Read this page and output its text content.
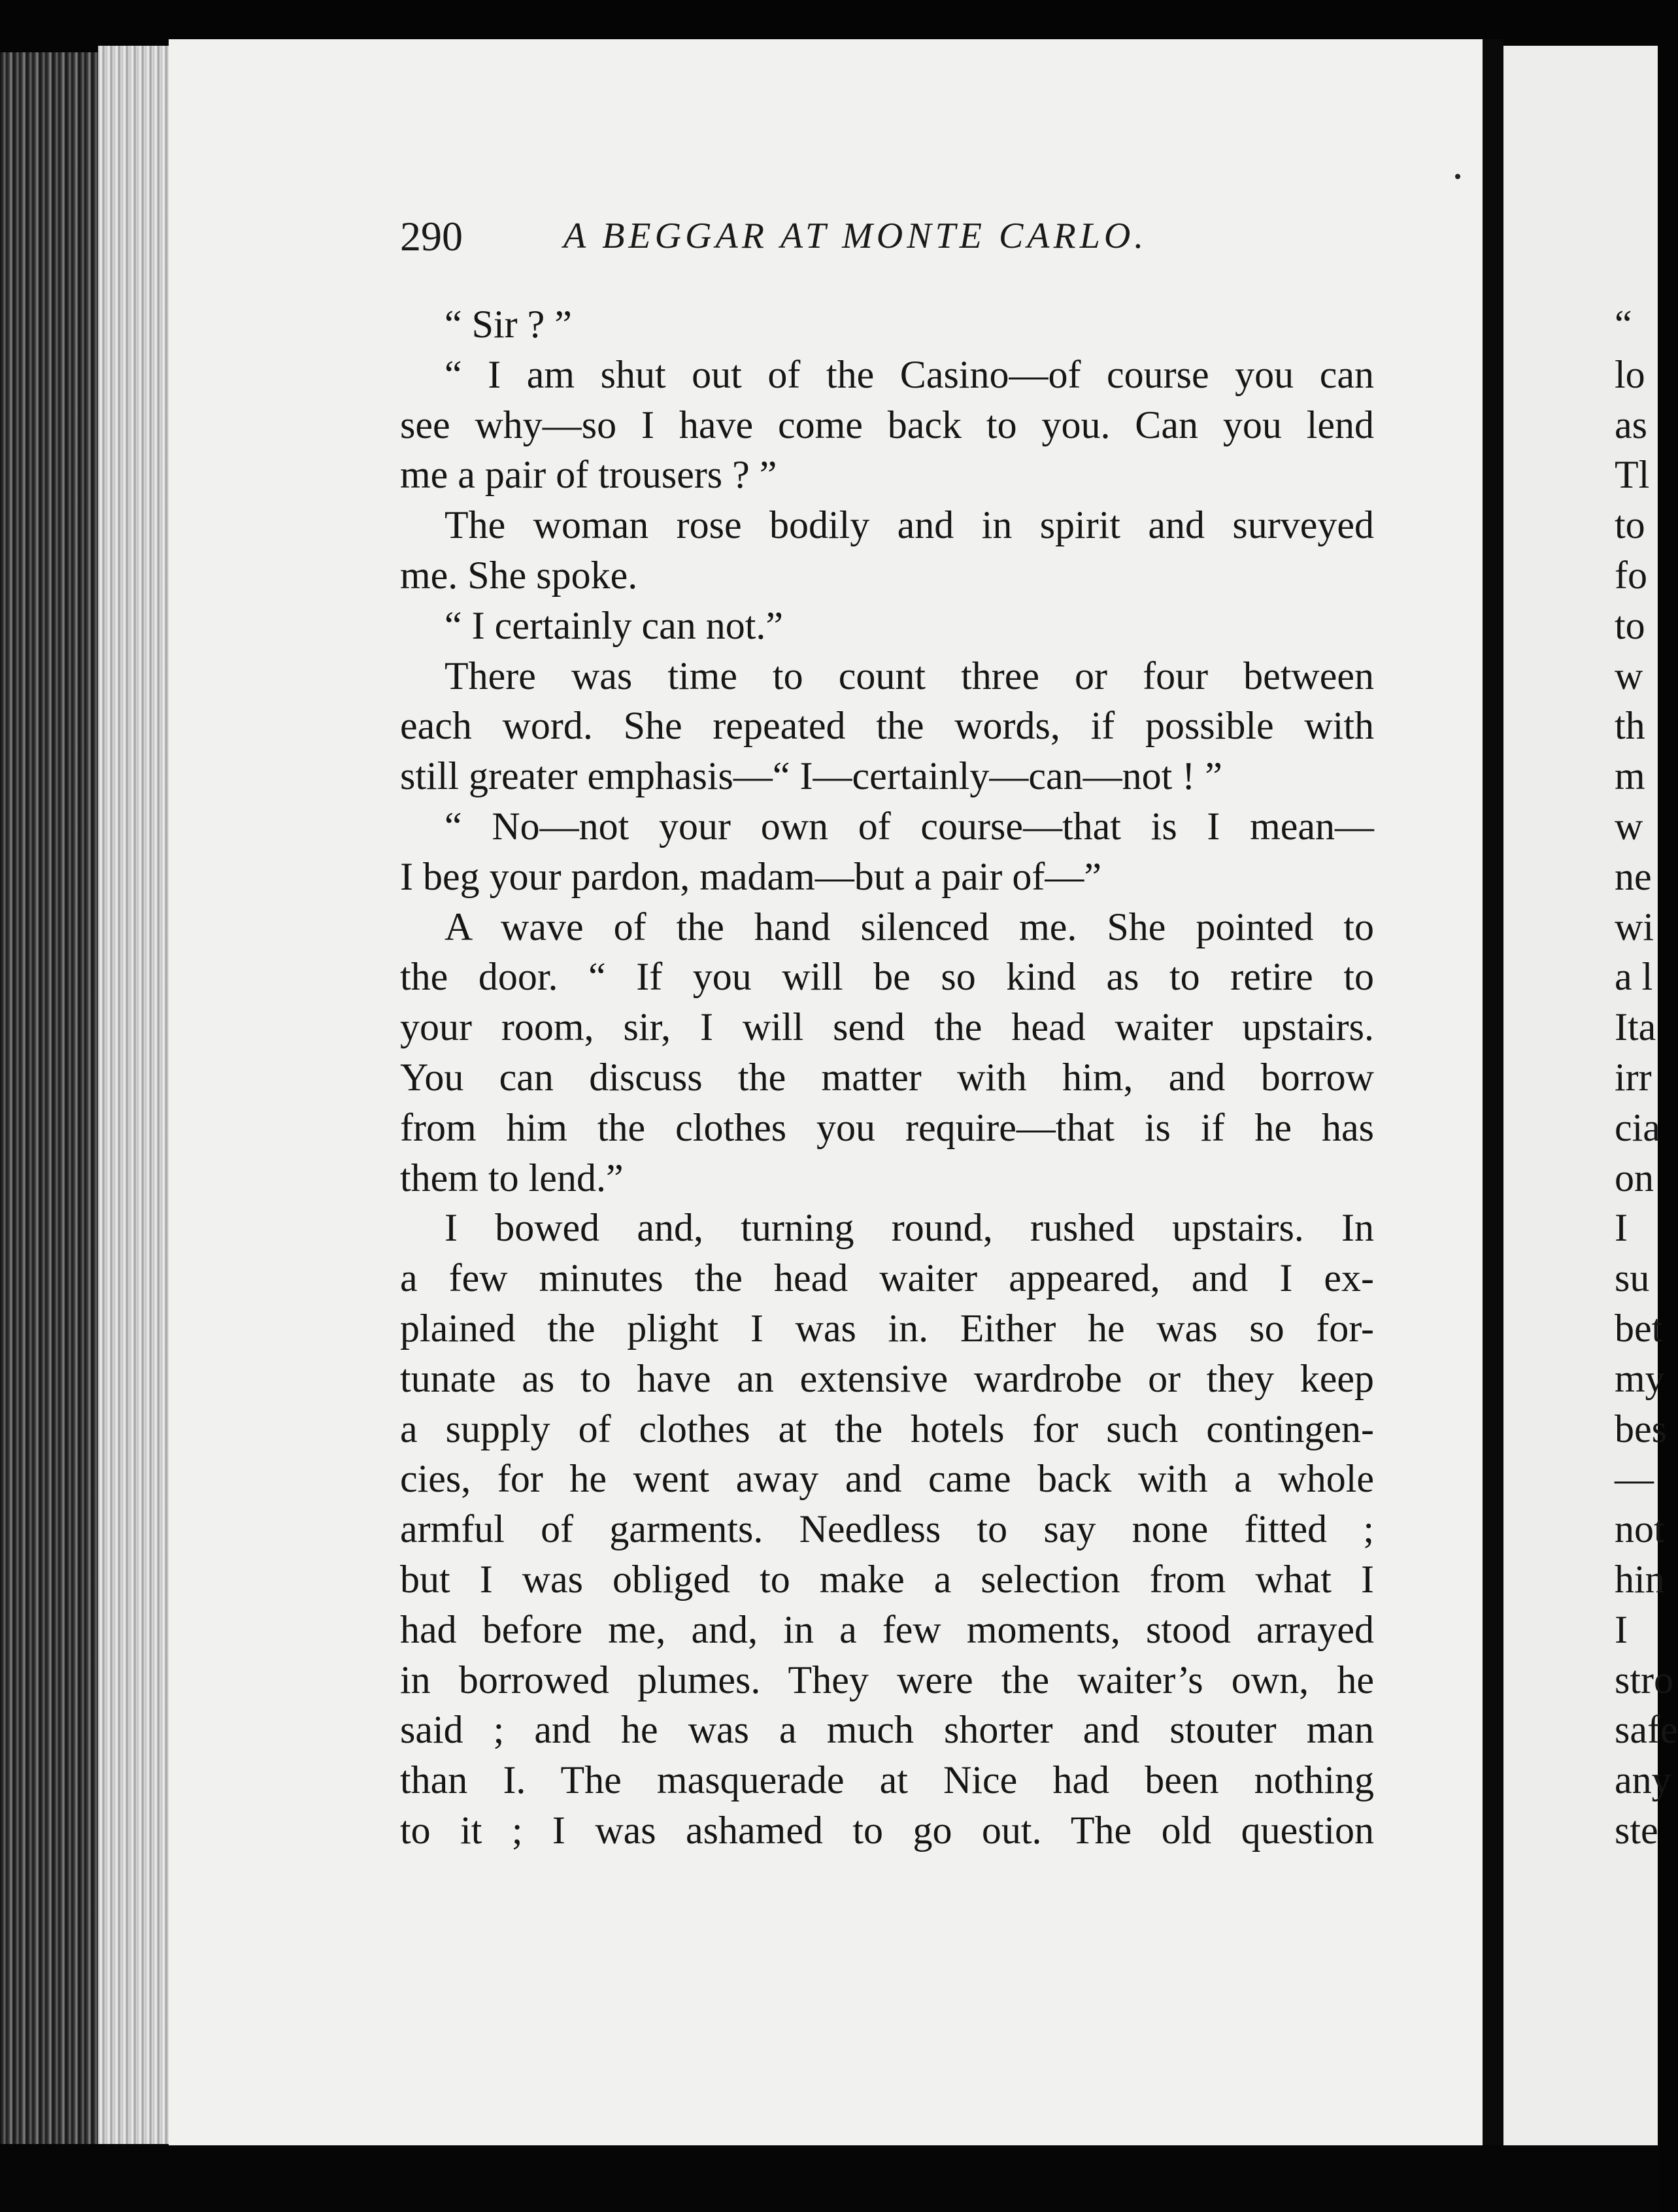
290	A BEGGAR AT MONTE CARLO.
“ Sir ? ”
“ I am shut out of the Casino—of course you can
see why—so I have come back to you. Can you lend
me a pair of trousers ? ”
The woman rose bodily and in spirit and surveyed
me. She spoke.
“ I certainly can not.”
There was time to count three or four between
each word. She repeated the words, if possible with
still greater emphasis—“ I—certainly—can—not ! ”
“ No—not your own of course—that is I mean—
I beg your pardon, madam—but a pair of—”
A wave of the hand silenced me. She pointed to
the door. “ If you will be so kind as to retire to
your room, sir, I will send the head waiter upstairs.
You can discuss the matter with him, and borrow
from him the clothes you require—that is if he has
them to lend.”
I bowed and, turning round, rushed upstairs. In
a few minutes the head waiter appeared, and I ex-
plained the plight I was in. Either he was so for-
tunate as to have an extensive wardrobe or they keep
a supply of clothes at the hotels for such contingen-
cies, for he went away and came back with a whole
armful of garments. Needless to say none fitted ;
but I was obliged to make a selection from what I
had before me, and, in a few moments, stood arrayed
in borrowed plumes. They were the waiter’s own, he
said ; and he was a much shorter and stouter man
than I. The masquerade at Nice had been nothing
to it ; I was ashamed to go out. The old question
“
lo
as
Tl
to
fo
to
w
th
m
w
ne
wi
a l
Ita
irr
cia
on
I
su
bet
my
bes
—
not
hin
I
stro
safe
any
ste
